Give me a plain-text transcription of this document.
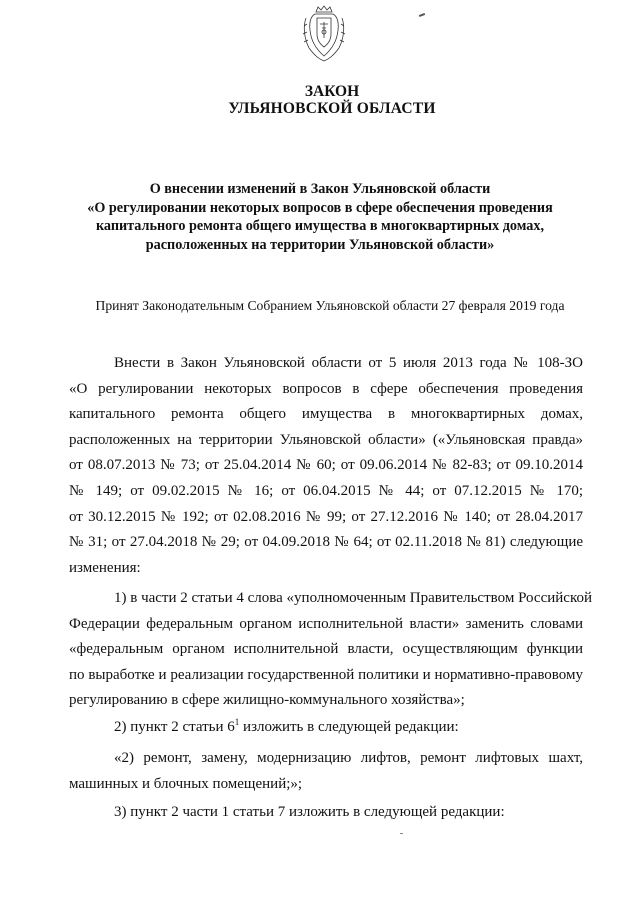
ЗАКОН
УЛЬЯНОВСКОЙ ОБЛАСТИ
О внесении изменений в Закон Ульяновской области
«О регулировании некоторых вопросов в сфере обеспечения проведения
капитального ремонта общего имущества в многоквартирных домах,
расположенных на территории Ульяновской области»
Принят Законодательным Собранием Ульяновской области 27 февраля 2019 года
Внести в Закон Ульяновской области от 5 июля 2013 года № 108-ЗО
«О регулировании некоторых вопросов в сфере обеспечения проведения
капитального ремонта общего имущества в многоквартирных домах,
расположенных на территории Ульяновской области» («Ульяновская правда»
от 08.07.2013 № 73; от 25.04.2014 № 60; от 09.06.2014 № 82-83; от 09.10.2014
№ 149; от 09.02.2015 № 16; от 06.04.2015 № 44; от 07.12.2015 № 170;
от 30.12.2015 № 192; от 02.08.2016 № 99; от 27.12.2016 № 140; от 28.04.2017
№ 31; от 27.04.2018 № 29; от 04.09.2018 № 64; от 02.11.2018 № 81) следующие
изменения:
1) в части 2 статьи 4 слова «уполномоченным Правительством Российской
Федерации федеральным органом исполнительной власти» заменить словами
«федеральным органом исполнительной власти, осуществляющим функции
по выработке и реализации государственной политики и нормативно-правовому
регулированию в сфере жилищно-коммунального хозяйства»;
2) пункт 2 статьи $6^1$ изложить в следующей редакции:
«2) ремонт, замену, модернизацию лифтов, ремонт лифтовых шахт,
машинных и блочных помещений;»;
3) пункт 2 части 1 статьи 7 изложить в следующей редакции:
